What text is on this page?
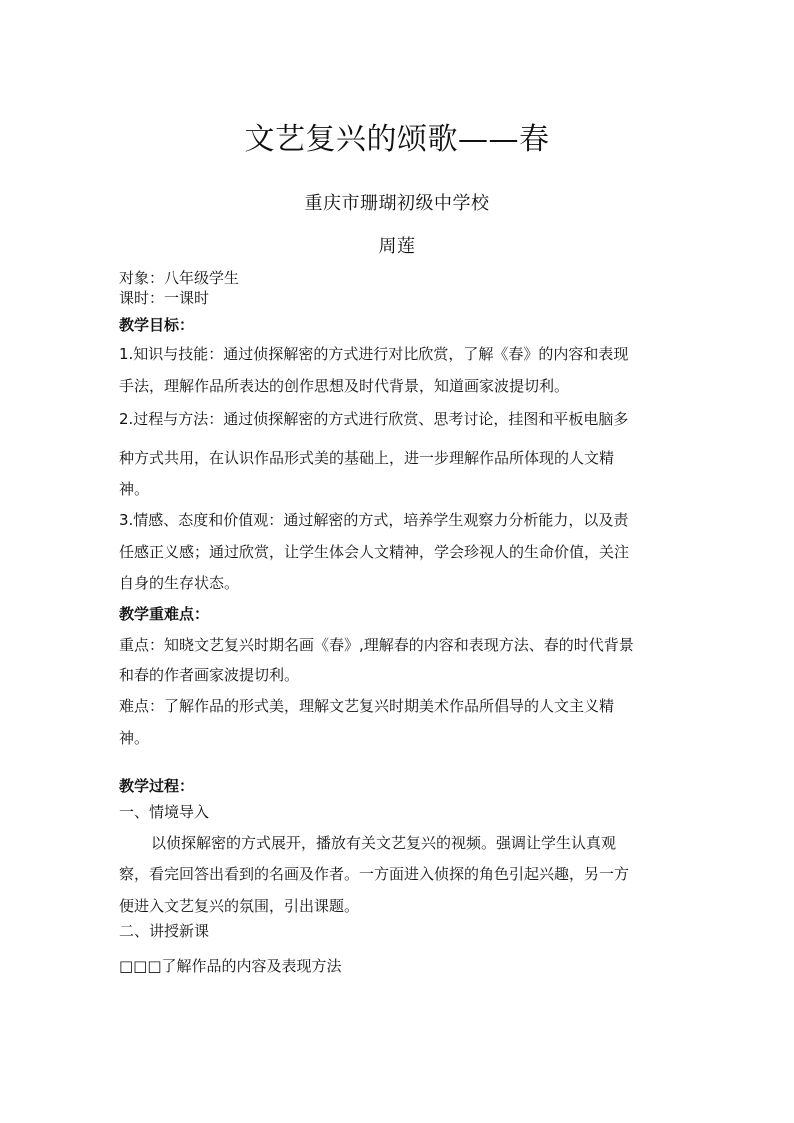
文艺复兴的颂歌——春
重庆市珊瑚初级中学校
周莲
对象：八年级学生
课时：一课时
教学目标：
1.知识与技能：通过侦探解密的方式进行对比欣赏，了解《春》的内容和表现
手法，理解作品所表达的创作思想及时代背景，知道画家波提切利。
2.过程与方法：通过侦探解密的方式进行欣赏、思考讨论，挂图和平板电脑多
种方式共用，在认识作品形式美的基础上，进一步理解作品所体现的人文精
神。
3.情感、态度和价值观：通过解密的方式，培养学生观察力分析能力，以及责
任感正义感；通过欣赏，让学生体会人文精神，学会珍视人的生命价值，关注
自身的生存状态。
教学重难点：
重点：知晓文艺复兴时期名画《春》,理解春的内容和表现方法、春的时代背景
和春的作者画家波提切利。
难点：了解作品的形式美，理解文艺复兴时期美术作品所倡导的人文主义精
神。
教学过程：
一、情境导入
以侦探解密的方式展开，播放有关文艺复兴的视频。强调让学生认真观
察，看完回答出看到的名画及作者。一方面进入侦探的角色引起兴趣，另一方
便进入文艺复兴的氛围，引出课题。
二、讲授新课
□□□了解作品的内容及表现方法
